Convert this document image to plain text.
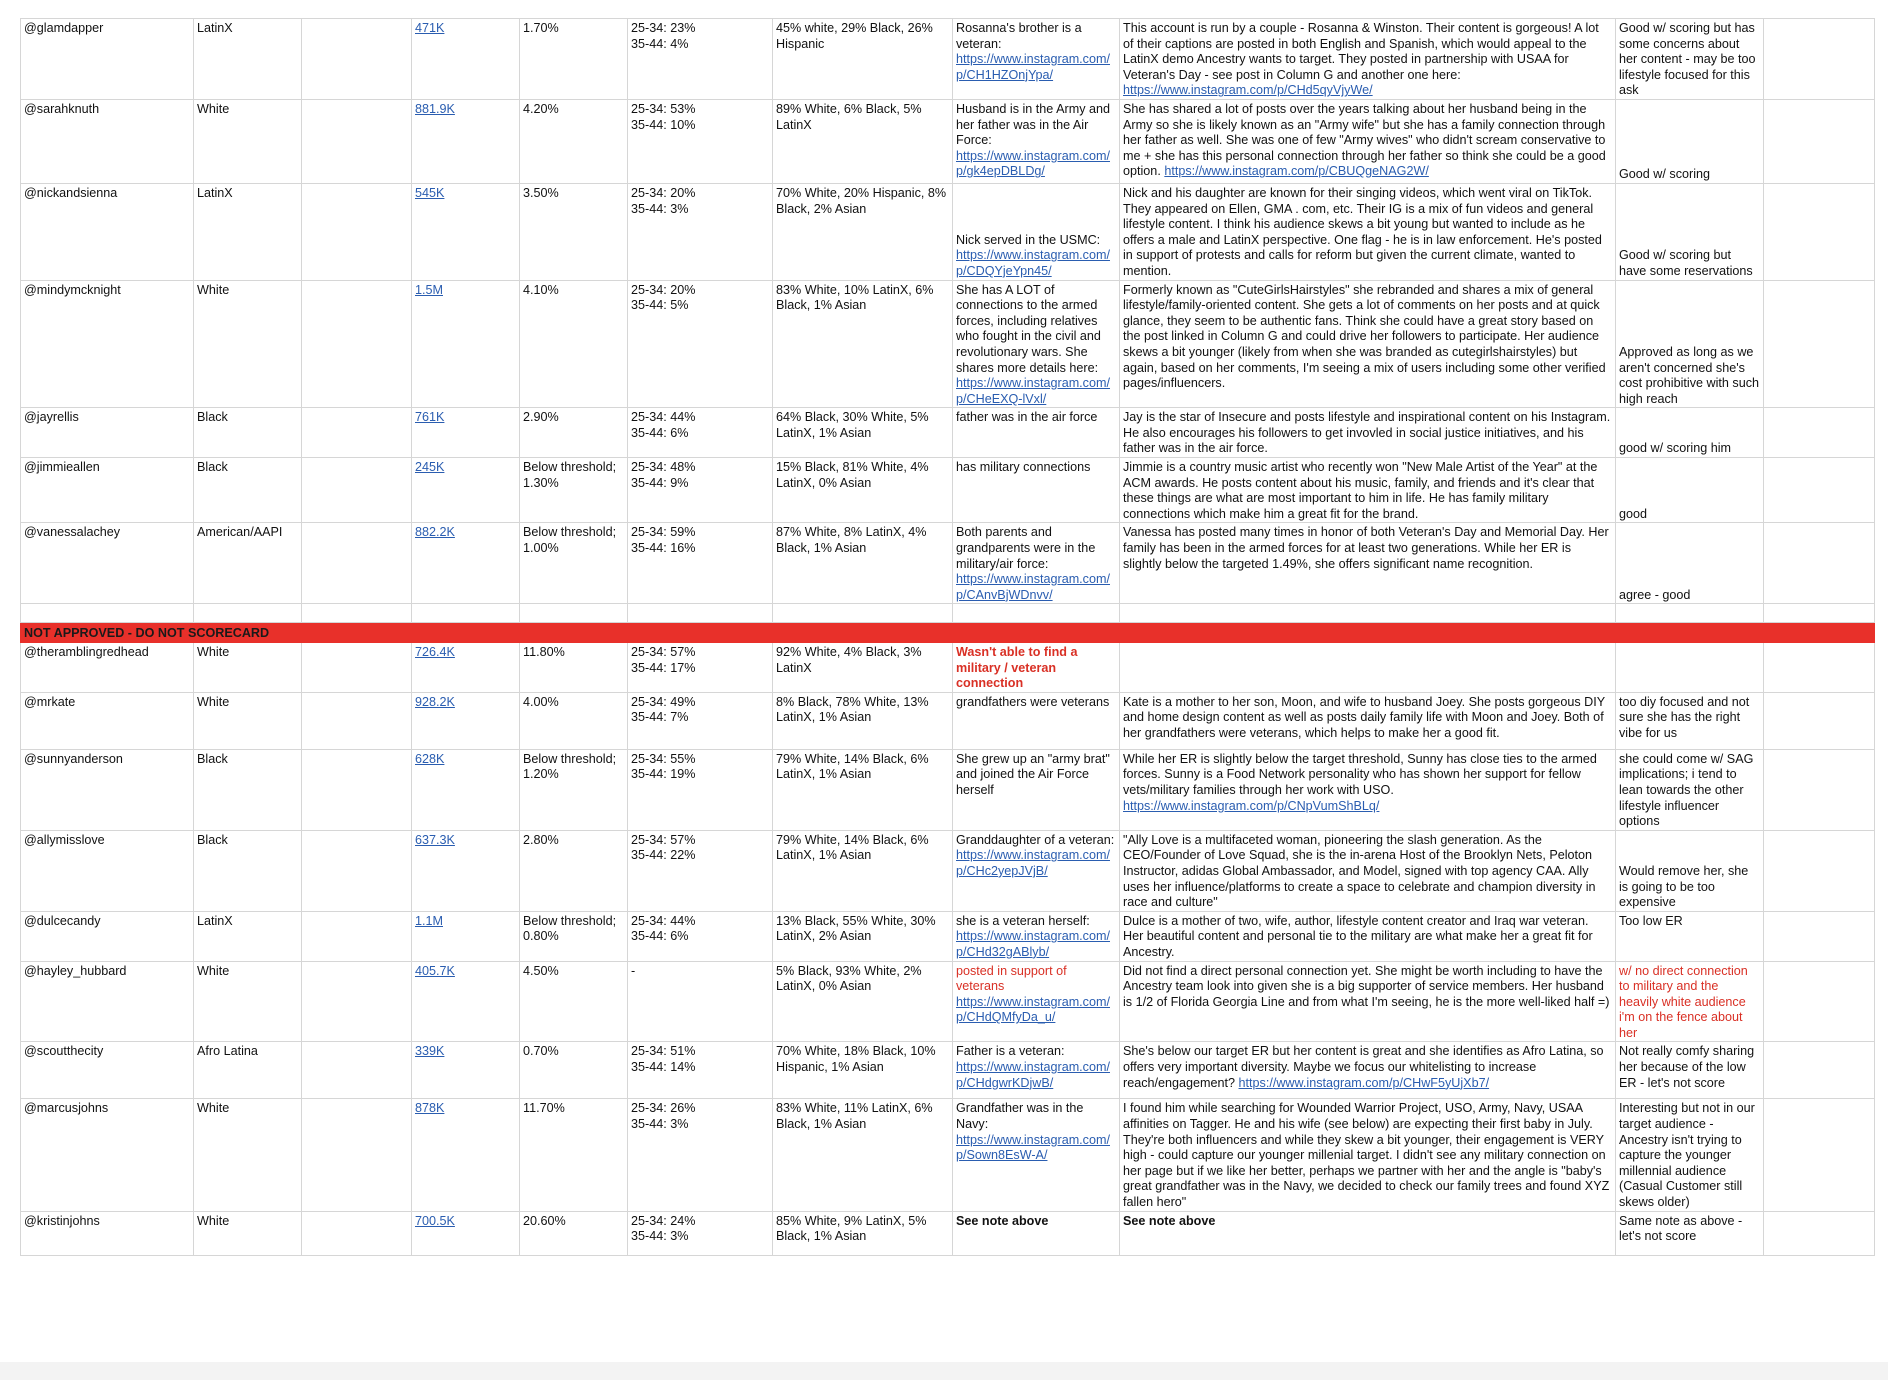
@glamdapper	LatinX		471K	1.70%	25-34: 23%
35-44: 4%	45% white, 29% Black, 26% Hispanic	Rosanna's brother is a veteran: https://www.instagram.com/p/CH1HZOnjYpa/	This account is run by a couple - Rosanna & Winston. Their content is gorgeous! A lot of their captions are posted in both English and Spanish, which would appeal to the LatinX demo Ancestry wants to target. They posted in partnership with USAA for Veteran's Day - see post in Column G and another one here: https://www.instagram.com/p/CHd5qyVjyWe/	Good w/ scoring but has some concerns about her content - may be too lifestyle focused for this ask	
@sarahknuth	White		881.9K	4.20%	25-34: 53%
35-44: 10%	89% White, 6% Black, 5% LatinX	Husband is in the Army and her father was in the Air Force: https://www.instagram.com/p/gk4epDBLDg/	She has shared a lot of posts over the years talking about her husband being in the Army so she is likely known as an "Army wife" but she has a family connection through her father as well. She was one of few "Army wives" who didn't scream conservative to me + she has this personal connection through her father so think she could be a good option. https://www.instagram.com/p/CBUQgeNAG2W/	Good w/ scoring	
@nickandsienna	LatinX		545K	3.50%	25-34: 20%
35-44: 3%	70% White, 20% Hispanic, 8% Black, 2% Asian	Nick served in the USMC: https://www.instagram.com/p/CDQYjeYpn45/	Nick and his daughter are known for their singing videos, which went viral on TikTok. They appeared on Ellen, GMA . com, etc. Their IG is a mix of fun videos and general lifestyle content. I think his audience skews a bit young but wanted to include as he offers a male and LatinX perspective. One flag - he is in law enforcement. He's posted in support of protests and calls for reform but given the current climate, wanted to mention.	Good w/ scoring but have some reservations	
@mindymcknight	White		1.5M	4.10%	25-34: 20%
35-44: 5%	83% White, 10% LatinX, 6% Black, 1% Asian	She has A LOT of connections to the armed forces, including relatives who fought in the civil and revolutionary wars. She shares more details here: https://www.instagram.com/p/CHeEXQ-lVxl/	Formerly known as "CuteGirlsHairstyles" she rebranded and shares a mix of general lifestyle/family-oriented content. She gets a lot of comments on her posts and at quick glance, they seem to be authentic fans. Think she could have a great story based on the post linked in Column G and could drive her followers to participate. Her audience skews a bit younger (likely from when she was branded as cutegirlshairstyles) but again, based on her comments, I'm seeing a mix of users including some other verified pages/influencers.	Approved as long as we aren't concerned she's cost prohibitive with such high reach	
@jayrellis	Black		761K	2.90%	25-34: 44%
35-44: 6%	64% Black, 30% White, 5% LatinX, 1% Asian	father was in the air force	Jay is the star of Insecure and posts lifestyle and inspirational content on his Instagram. He also encourages his followers to get invovled in social justice initiatives, and his father was in the air force.	good w/ scoring him	
@jimmieallen	Black		245K	Below threshold; 1.30%	25-34: 48%
35-44: 9%	15% Black, 81% White, 4% LatinX, 0% Asian	has military connections	Jimmie is a country music artist who recently won "New Male Artist of the Year" at the ACM awards. He posts content about his music, family, and friends and it's clear that these things are what are most important to him in life. He has family military connections which make him a great fit for the brand.	good	
@vanessalachey	American/AAPI		882.2K	Below threshold; 1.00%	25-34: 59%
35-44: 16%	87% White, 8% LatinX, 4% Black, 1% Asian	Both parents and grandparents were in the military/air force: https://www.instagram.com/p/CAnvBjWDnvv/	Vanessa has posted many times in honor of both Veteran's Day and Memorial Day. Her family has been in the armed forces for at least two generations. While her ER is slightly below the targeted 1.49%, she offers significant name recognition.	agree - good	

NOT APPROVED - DO NOT SCORECARD										
@theramblingredhead	White		726.4K	11.80%	25-34: 57%
35-44: 17%	92% White, 4% Black, 3% LatinX	Wasn't able to find a military / veteran connection			
@mrkate	White		928.2K	4.00%	25-34: 49%
35-44: 7%	8% Black, 78% White, 13% LatinX, 1% Asian	grandfathers were veterans	Kate is a mother to her son, Moon, and wife to husband Joey. She posts gorgeous DIY and home design content as well as posts daily family life with Moon and Joey. Both of her grandfathers were veterans, which helps to make her a good fit.	too diy focused and not sure she has the right vibe for us	
@sunnyanderson	Black		628K	Below threshold; 1.20%	25-34: 55%
35-44: 19%	79% White, 14% Black, 6% LatinX, 1% Asian	She grew up an "army brat" and joined the Air Force herself	While her ER is slightly below the target threshold, Sunny has close ties to the armed forces. Sunny is a Food Network personality who has shown her support for fellow vets/military families through her work with USO. https://www.instagram.com/p/CNpVumShBLq/	she could come w/ SAG implications; i tend to lean towards the other lifestyle influencer options	
@allymisslove	Black		637.3K	2.80%	25-34: 57%
35-44: 22%	79% White, 14% Black, 6% LatinX, 1% Asian	Granddaughter of a veteran: https://www.instagram.com/p/CHc2yepJVjB/	"Ally Love is a multifaceted woman, pioneering the slash generation. As the CEO/Founder of Love Squad, she is the in-arena Host of the Brooklyn Nets, Peloton Instructor, adidas Global Ambassador, and Model, signed with top agency CAA. Ally uses her influence/platforms to create a space to celebrate and champion diversity in race and culture"	Would remove her, she is going to be too expensive	
@dulcecandy	LatinX		1.1M	Below threshold; 0.80%	25-34: 44%
35-44: 6%	13% Black, 55% White, 30% LatinX, 2% Asian	she is a veteran herself: https://www.instagram.com/p/CHd32gABlyb/	Dulce is a mother of two, wife, author, lifestyle content creator and Iraq war veteran. Her beautiful content and personal tie to the military are what make her a great fit for Ancestry.	Too low ER	
@hayley_hubbard	White		405.7K	4.50%	-	5% Black, 93% White, 2% LatinX, 0% Asian	posted in support of veterans https://www.instagram.com/p/CHdQMfyDa_u/	Did not find a direct personal connection yet. She might be worth including to have the Ancestry team look into given she is a big supporter of service members. Her husband is 1/2 of Florida Georgia Line and from what I'm seeing, he is the more well-liked half =)	w/ no direct connection to military and the heavily white audience i'm on the fence about her	
@scoutthecity	Afro Latina		339K	0.70%	25-34: 51%
35-44: 14%	70% White, 18% Black, 10% Hispanic, 1% Asian	Father is a veteran: https://www.instagram.com/p/CHdgwrKDjwB/	She's below our target ER but her content is great and she identifies as Afro Latina, so offers very important diversity. Maybe we focus our whitelisting to increase reach/engagement? https://www.instagram.com/p/CHwF5yUjXb7/	Not really comfy sharing her because of the low ER - let's not score	
@marcusjohns	White		878K	11.70%	25-34: 26%
35-44: 3%	83% White, 11% LatinX, 6% Black, 1% Asian	Grandfather was in the Navy: https://www.instagram.com/p/Sown8EsW-A/	I found him while searching for Wounded Warrior Project, USO, Army, Navy, USAA affinities on Tagger. He and his wife (see below) are expecting their first baby in July. They're both influencers and while they skew a bit younger, their engagement is VERY high - could capture our younger millenial target. I didn't see any military connection on her page but if we like her better, perhaps we partner with her and the angle is "baby's great grandfather was in the Navy, we decided to check our family trees and found XYZ fallen hero"	Interesting but not in our target audience - Ancestry isn't trying to capture the younger millennial audience (Casual Customer still skews older)	
@kristinjohns	White		700.5K	20.60%	25-34: 24%
35-44: 3%	85% White, 9% LatinX, 5% Black, 1% Asian	See note above	See note above	Same note as above - let's not score	
